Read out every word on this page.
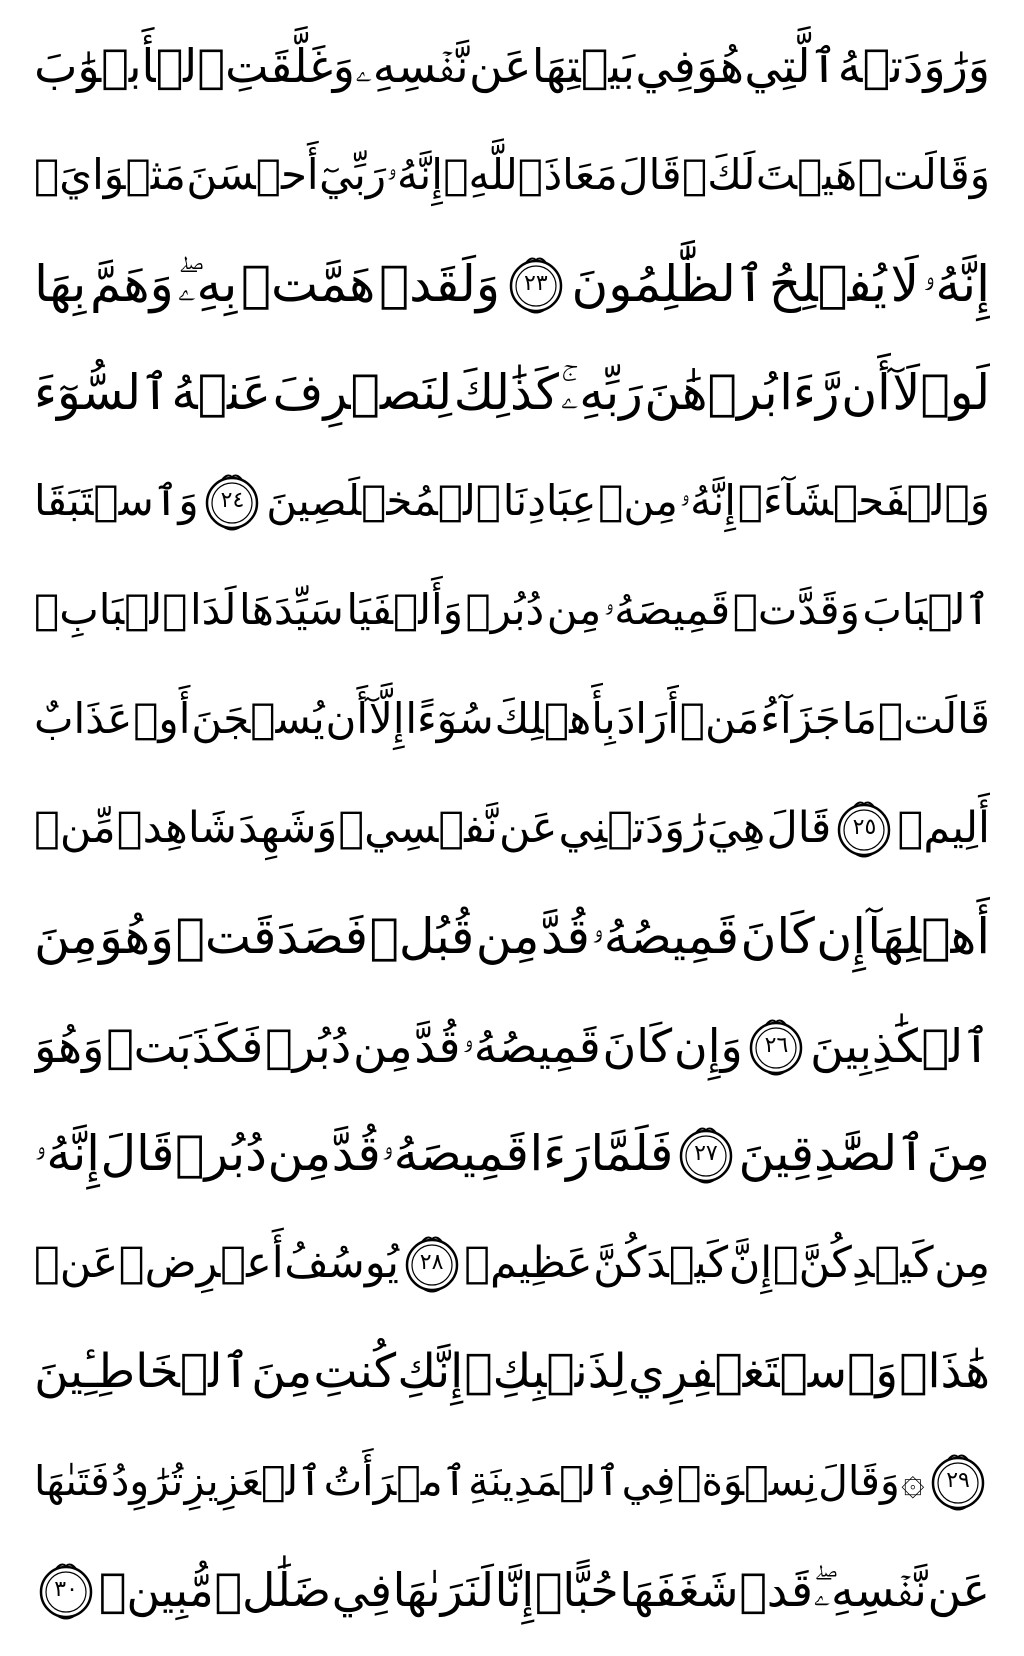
وَرَٰوَدَتۡهُ
ٱلَّتِي
هُوَ
فِي
بَيۡتِهَا
عَن
نَّفۡسِهِۦ
وَغَلَّقَتِ
ٱلۡأَبۡوَٰبَ
وَقَالَتۡ
هَيۡتَ
لَكَۚ
قَالَ
مَعَاذَ
ٱللَّهِۖ
إِنَّهُۥ
رَبِّيٓ
أَحۡسَنَ
مَثۡوَايَۖ
إِنَّهُۥ
لَا
يُفۡلِحُ
ٱلظَّٰلِمُونَ
٢٣
وَلَقَدۡ
هَمَّتۡ
بِهِۦۖ
وَهَمَّ
بِهَا
لَوۡلَآ
أَن
رَّءَا
بُرۡهَٰنَ
رَبِّهِۦۚ
كَذَٰلِكَ
لِنَصۡرِفَ
عَنۡهُ
ٱلسُّوٓءَ
وَٱلۡفَحۡشَآءَۚ
إِنَّهُۥ
مِنۡ
عِبَادِنَا
ٱلۡمُخۡلَصِينَ
٢٤
وَٱسۡتَبَقَا
ٱلۡبَابَ
وَقَدَّتۡ
قَمِيصَهُۥ
مِن
دُبُرٖ
وَأَلۡفَيَا
سَيِّدَهَا
لَدَا
ٱلۡبَابِۚ
قَالَتۡ
مَا
جَزَآءُ
مَنۡ
أَرَادَ
بِأَهۡلِكَ
سُوٓءًا
إِلَّآ
أَن
يُسۡجَنَ
أَوۡ
عَذَابٌ
أَلِيمٞ
٢٥
قَالَ
هِيَ
رَٰوَدَتۡنِي
عَن
نَّفۡسِيۚ
وَشَهِدَ
شَاهِدٞ
مِّنۡ
أَهۡلِهَآ
إِن
كَانَ
قَمِيصُهُۥ
قُدَّ
مِن
قُبُلٖ
فَصَدَقَتۡ
وَهُوَ
مِنَ
ٱلۡكَٰذِبِينَ
٢٦
وَإِن
كَانَ
قَمِيصُهُۥ
قُدَّ
مِن
دُبُرٖ
فَكَذَبَتۡ
وَهُوَ
مِنَ
ٱلصَّٰدِقِينَ
٢٧
فَلَمَّا
رَءَا
قَمِيصَهُۥ
قُدَّ
مِن
دُبُرٖ
قَالَ
إِنَّهُۥ
مِن
كَيۡدِكُنَّۖ
إِنَّ
كَيۡدَكُنَّ
عَظِيمٞ
٢٨
يُوسُفُ
أَعۡرِضۡ
عَنۡ
هَٰذَاۚ
وَٱسۡتَغۡفِرِي
لِذَنۢبِكِۖ
إِنَّكِ
كُنتِ
مِنَ
ٱلۡخَاطِـِٔينَ
٢٩
۞
وَقَالَ
نِسۡوَةٞ
فِي
ٱلۡمَدِينَةِ
ٱمۡرَأَتُ
ٱلۡعَزِيزِ
تُرَٰوِدُ
فَتَىٰهَا
عَن
نَّفۡسِهِۦۖ
قَدۡ
شَغَفَهَا
حُبًّاۖ
إِنَّا
لَنَرَىٰهَا
فِي
ضَلَٰلٖ
مُّبِينٖ
٣٠
